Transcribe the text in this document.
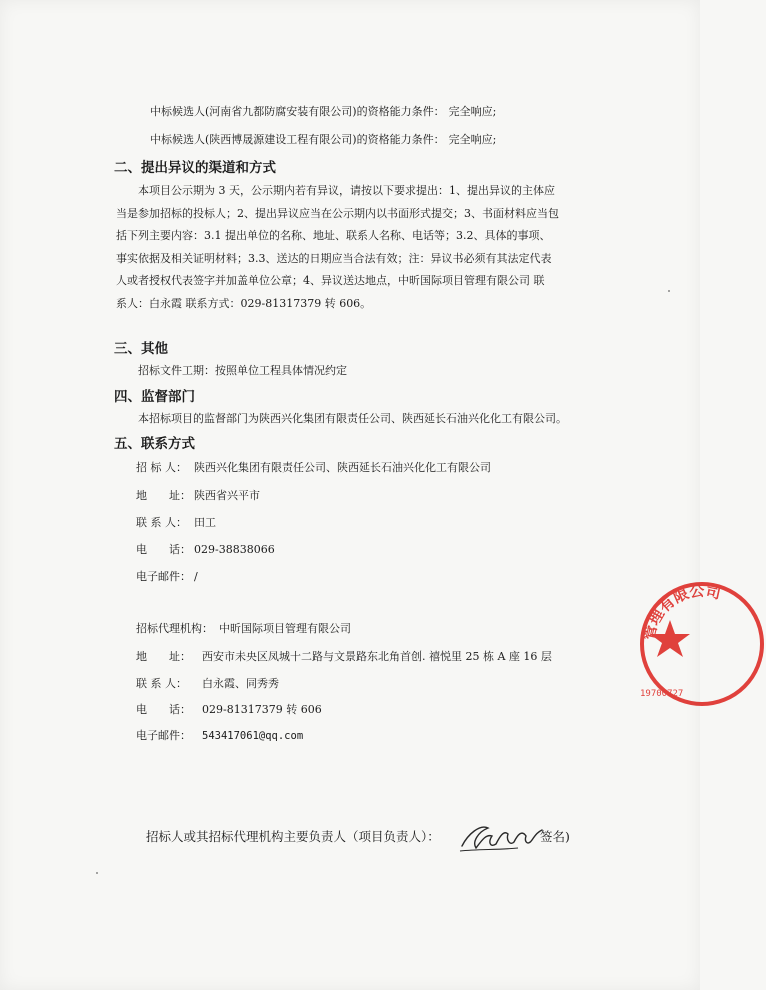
中标候选人(河南省九都防腐安装有限公司)的资格能力条件： 完全响应;
中标候选人(陕西博晟源建设工程有限公司)的资格能力条件： 完全响应;
二、提出异议的渠道和方式
本项目公示期为 3 天，公示期内若有异议，请按以下要求提出：1、提出异议的主体应
当是参加招标的投标人；2、提出异议应当在公示期内以书面形式提交；3、书面材料应当包
括下列主要内容：3.1 提出单位的名称、地址、联系人名称、电话等；3.2、具体的事项、
事实依据及相关证明材料；3.3、送达的日期应当合法有效；注：异议书必须有其法定代表
人或者授权代表签字并加盖单位公章；4、异议送达地点，中昕国际项目管理有限公司 联
系人：白永霞 联系方式：029-81317379 转 606。
三、其他
招标文件工期：按照单位工程具体情况约定
四、监督部门
本招标项目的监督部门为陕西兴化集团有限责任公司、陕西延长石油兴化化工有限公司。
五、联系方式
招 标 人： 陕西兴化集团有限责任公司、陕西延长石油兴化化工有限公司
地　　址： 陕西省兴平市
联 系 人： 田工
电　　话： 029-38838066
电子邮件： /
招标代理机构： 中昕国际项目管理有限公司
地　　址： 西安市未央区凤城十二路与文景路东北角首创. 禧悦里 25 栋 A 座 16 层
联 系 人： 白永霞、同秀秀
电　　话： 029-81317379 转 606
电子邮件： 543417061@qq.com
招标人或其招标代理机构主要负责人（项目负责人）：	签名)
管理有限公司
19700727
